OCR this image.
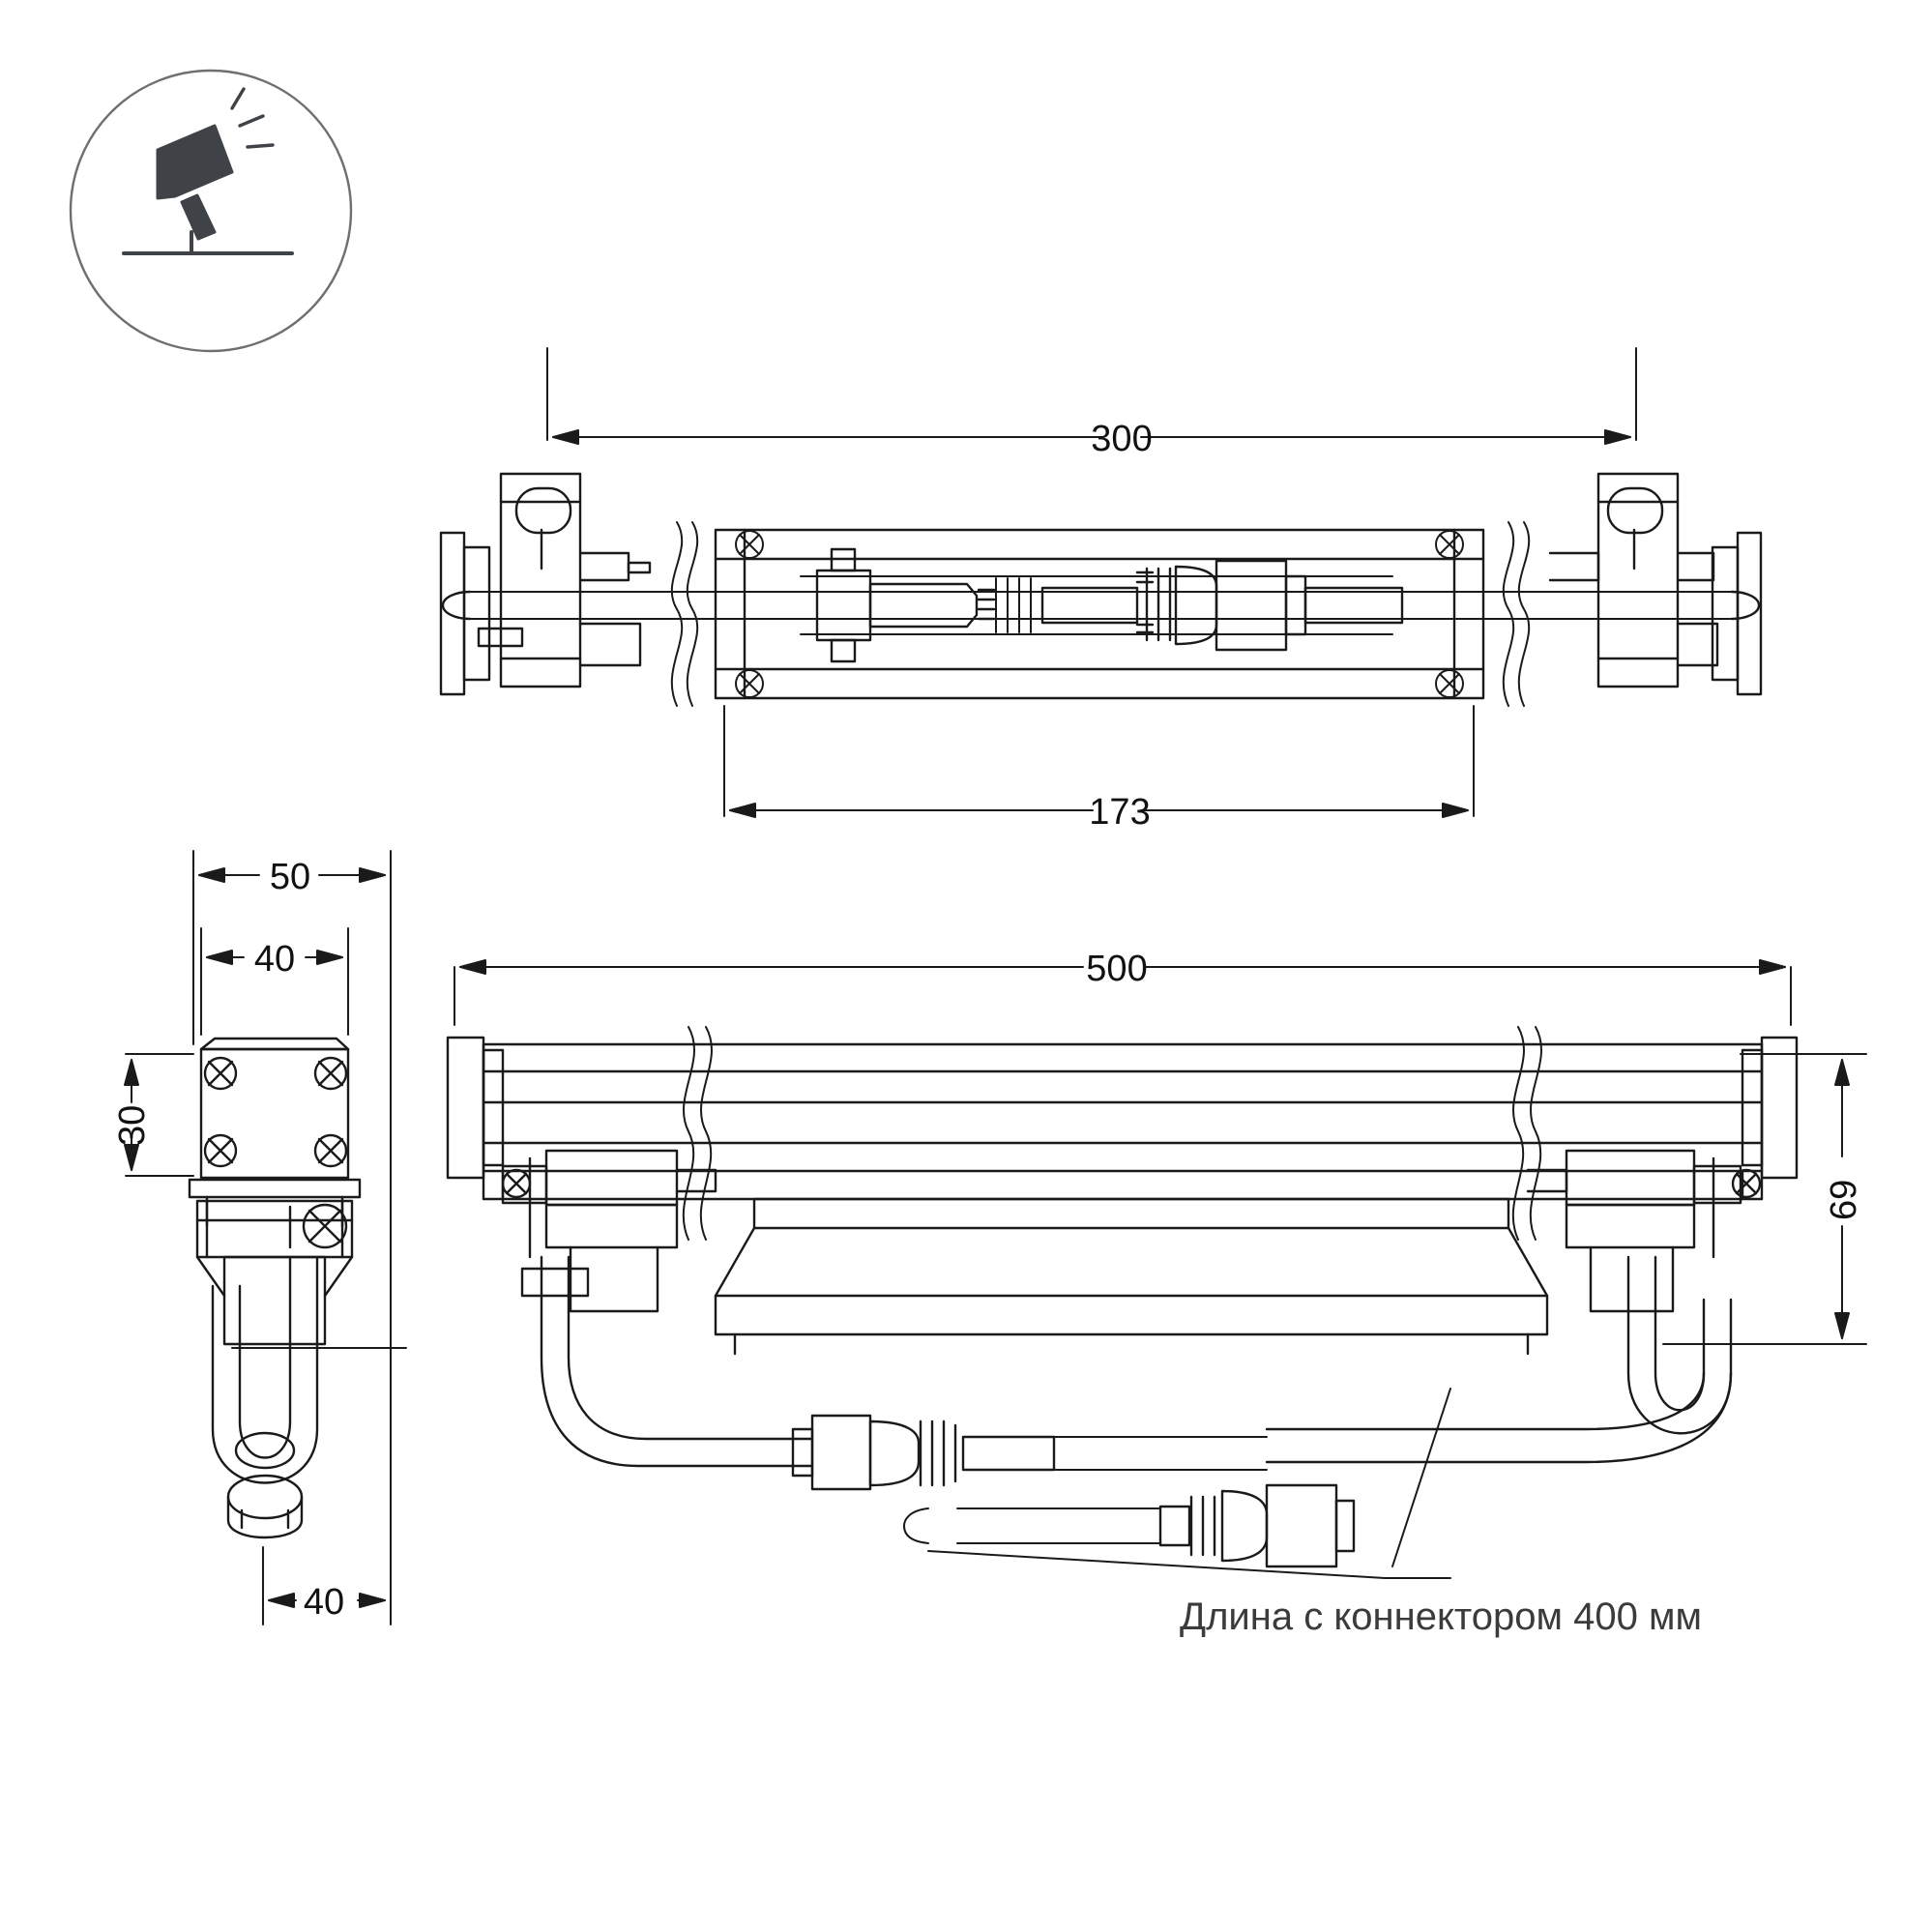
300
173
50
40
40
500
Длина с коннектором 400 мм
30
69
